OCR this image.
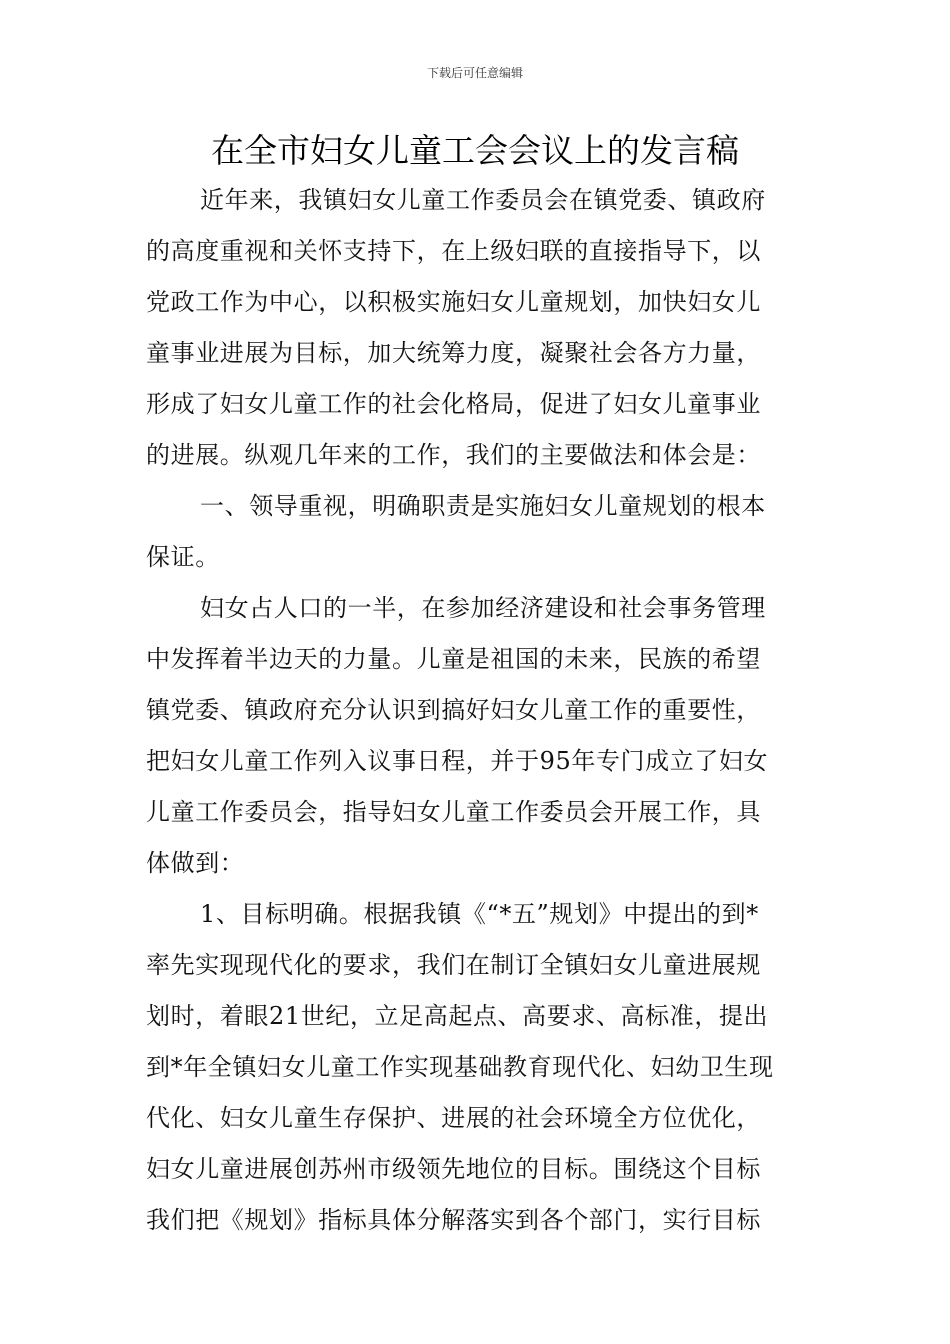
下载后可任意编辑
在全市妇女儿童工会会议上的发言稿
近年来，我镇妇女儿童工作委员会在镇党委、镇政府
的高度重视和关怀支持下，在上级妇联的直接指导下，以
党政工作为中心，以积极实施妇女儿童规划，加快妇女儿
童事业进展为目标，加大统筹力度，凝聚社会各方力量，
形成了妇女儿童工作的社会化格局，促进了妇女儿童事业
的进展。纵观几年来的工作，我们的主要做法和体会是：
一、领导重视，明确职责是实施妇女儿童规划的根本
保证。
妇女占人口的一半，在参加经济建设和社会事务管理
中发挥着半边天的力量。儿童是祖国的未来，民族的希望
镇党委、镇政府充分认识到搞好妇女儿童工作的重要性，
把妇女儿童工作列入议事日程，并于95年专门成立了妇女
儿童工作委员会，指导妇女儿童工作委员会开展工作，具
体做到：
1、目标明确。根据我镇《“*五”规划》中提出的到*
率先实现现代化的要求，我们在制订全镇妇女儿童进展规
划时，着眼21世纪，立足高起点、高要求、高标准，提出
到*年全镇妇女儿童工作实现基础教育现代化、妇幼卫生现
代化、妇女儿童生存保护、进展的社会环境全方位优化，
妇女儿童进展创苏州市级领先地位的目标。围绕这个目标
我们把《规划》指标具体分解落实到各个部门，实行目标
